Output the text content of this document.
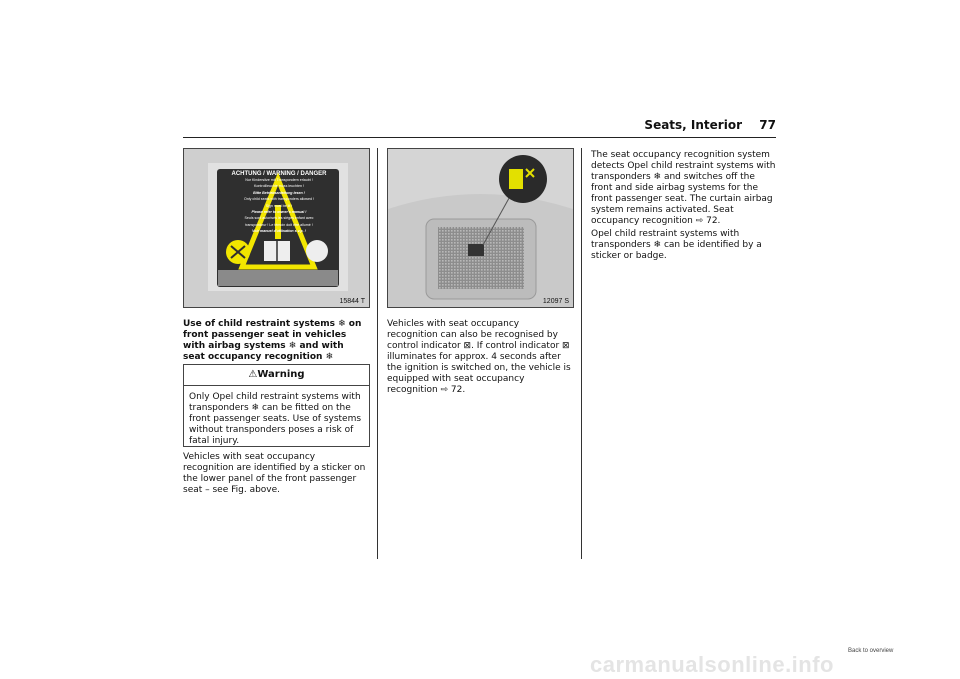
Seats, Interior 77
ACHTUNG / WARNING / DANGER
Nur Kindersitze mit Transpondern erlaubt !
Kontrollleuchte muss leuchten !
Bitte Betriebsanleitung lesen !
Only child seats with transponders allowed !
Sign must be lit !
Please refer to owner's manual !
Seuls sont autorisés les sièges enfant avec
transpondeur ! Le témoin doit être allumé !
Voir manuel d'utilisation s.v.p. !
15844 T	12097 S
Use of child restraint systems ❄ on front passenger seat in vehicles with airbag systems ❄ and with seat occupancy recognition ❄
⚠Warning
Only Opel child restraint systems with transponders ❄ can be fitted on the front passenger seats. Use of systems without transponders poses a risk of fatal injury.
Vehicles with seat occupancy recognition are identified by a sticker on the lower panel of the front passenger seat – see Fig. above.
Vehicles with seat occupancy recognition can also be recognised by control indicator ⊠. If control indicator ⊠ illuminates for approx. 4 seconds after the ignition is switched on, the vehicle is equipped with seat occupancy recognition ⇨ 72.
The seat occupancy recognition system detects Opel child restraint systems with transponders ❄ and switches off the front and side airbag systems for the front passenger seat. The curtain airbag system remains activated. Seat occupancy recognition ⇨ 72.
Opel child restraint systems with transponders ❄ can be identified by a sticker or badge.
Back to overview
carmanualsonline.info
